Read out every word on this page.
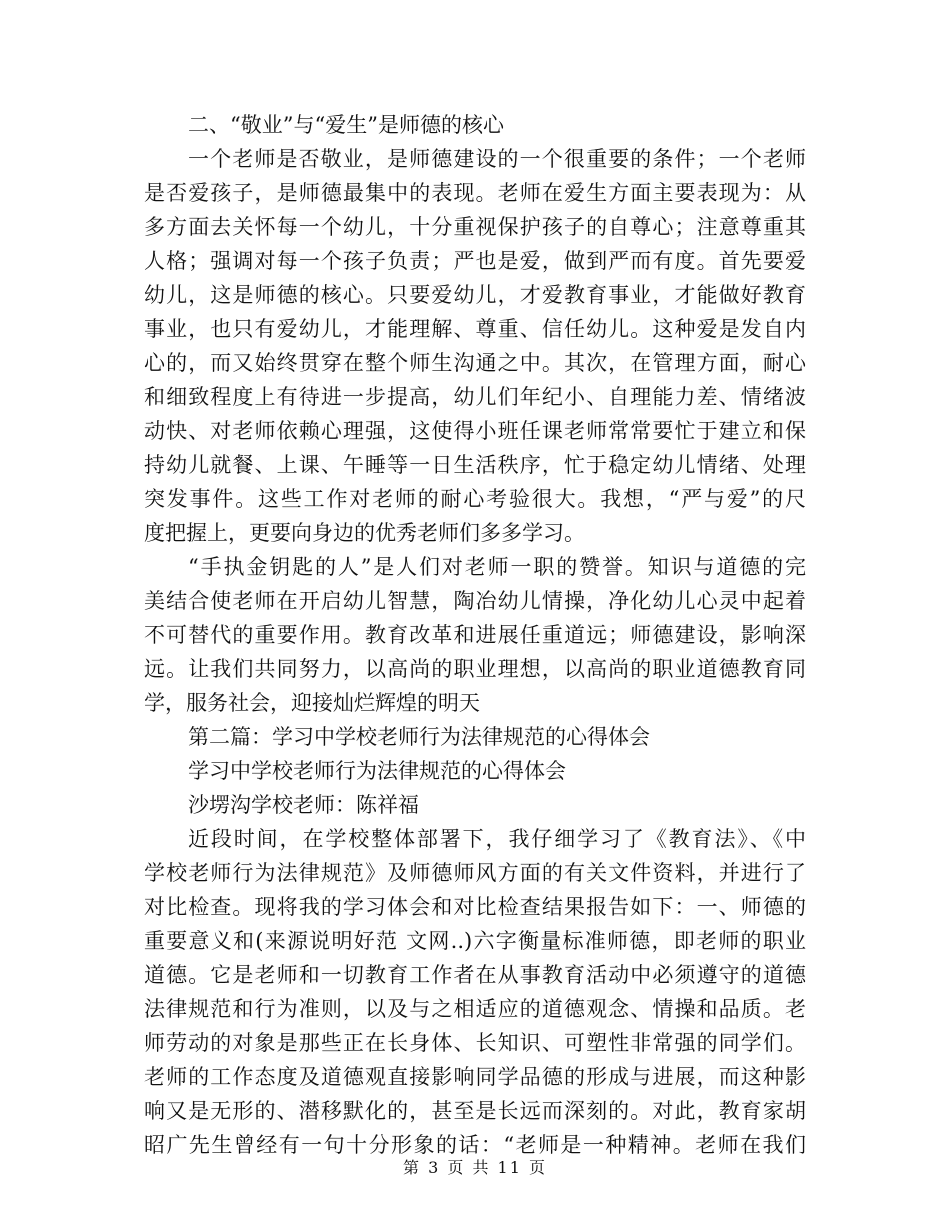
二、“敬业”与“爱生”是师德的核心
一个老师是否敬业，是师德建设的一个很重要的条件；一个老师
是否爱孩子，是师德最集中的表现。老师在爱生方面主要表现为：从
多方面去关怀每一个幼儿，十分重视保护孩子的自尊心；注意尊重其
人格；强调对每一个孩子负责；严也是爱，做到严而有度。首先要爱
幼儿，这是师德的核心。只要爱幼儿，才爱教育事业，才能做好教育
事业，也只有爱幼儿，才能理解、尊重、信任幼儿。这种爱是发自内
心的，而又始终贯穿在整个师生沟通之中。其次，在管理方面，耐心
和细致程度上有待进一步提高，幼儿们年纪小、自理能力差、情绪波
动快、对老师依赖心理强，这使得小班任课老师常常要忙于建立和保
持幼儿就餐、上课、午睡等一日生活秩序，忙于稳定幼儿情绪、处理
突发事件。这些工作对老师的耐心考验很大。我想，“严与爱”的尺
度把握上，更要向身边的优秀老师们多多学习。
“手执金钥匙的人”是人们对老师一职的赞誉。知识与道德的完
美结合使老师在开启幼儿智慧，陶冶幼儿情操，净化幼儿心灵中起着
不可替代的重要作用。教育改革和进展任重道远；师德建设，影响深
远。让我们共同努力，以高尚的职业理想，以高尚的职业道德教育同
学，服务社会，迎接灿烂辉煌的明天
第二篇：学习中学校老师行为法律规范的心得体会
学习中学校老师行为法律规范的心得体会
沙塄沟学校老师：陈祥福
近段时间，在学校整体部署下，我仔细学习了《教育法》、《中
学校老师行为法律规范》及师德师风方面的有关文件资料，并进行了
对比检查。现将我的学习体会和对比检查结果报告如下：一、师德的
重要意义和(来源说明好范 文网..)六字衡量标准师德，即老师的职业
道德。它是老师和一切教育工作者在从事教育活动中必须遵守的道德
法律规范和行为准则，以及与之相适应的道德观念、情操和品质。老
师劳动的对象是那些正在长身体、长知识、可塑性非常强的同学们。
老师的工作态度及道德观直接影响同学品德的形成与进展，而这种影
响又是无形的、潜移默化的，甚至是长远而深刻的。对此，教育家胡
昭广先生曾经有一句十分形象的话：“老师是一种精神。老师在我们
第 3 页 共 11 页
